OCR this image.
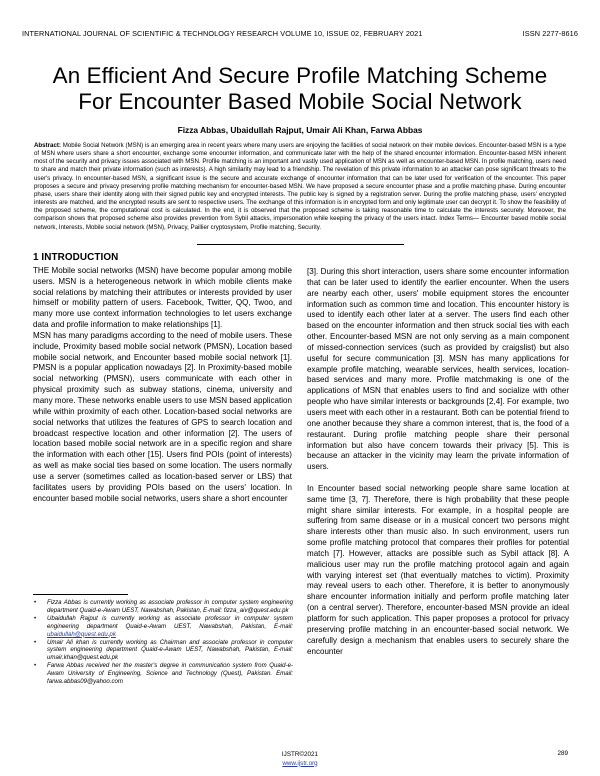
INTERNATIONAL JOURNAL OF SCIENTIFIC & TECHNOLOGY RESEARCH VOLUME 10, ISSUE 02, FEBRUARY 2021	ISSN 2277-8616
An Efficient And Secure Profile Matching Scheme
For Encounter Based Mobile Social Network
Fizza Abbas, Ubaidullah Rajput, Umair Ali Khan, Farwa Abbas
Abstract: Mobile Social Network (MSN) is an emerging area in recent years where many users are enjoying the facilities of social network on their mobile devices. Encounter-based MSN is a type of MSN where users share a short encounter, exchange some encounter information, and communicate later with the help of the shared encounter information. Encounter-based MSN inherent most of the security and privacy issues associated with MSN. Profile matching is an important and vastly used application of MSN as well as encounter-based MSN. In profile matching, users need to share and match their private information (such as interests). A high similarity may lead to a friendship. The revelation of this private information to an attacker can pose significant threats to the user's privacy. In encounter-based MSN, a significant issue is the secure and accurate exchange of encounter information that can be later used for verification of the encounter. This paper proposes a secure and privacy preserving profile matching mechanism for encounter-based MSN. We have proposed a secure encounter phase and a profile matching phase. During encounter phase, users share their identity along with their signed public key and encrypted interests. The public key is signed by a registration server. During the profile matching phase, users' encrypted interests are matched, and the encrypted results are sent to respective users. The exchange of this information is in encrypted form and only legitimate user can decrypt it. To show the feasibility of the proposed scheme, the computational cost is calculated. In the end, it is observed that the proposed scheme is taking reasonable time to calculate the interests securely. Moreover, the comparison shows that proposed scheme also provides prevention from Sybil attacks, impersonation while keeping the privacy of the users intact. Index Terms— Encounter based mobile social network, Interests, Mobile social network (MSN), Privacy, Paillier cryptosystem, Profile matching, Security.
1 INTRODUCTION

THE Mobile social networks (MSN) have become popular among mobile users. MSN is a heterogeneous network in which mobile clients make social relations by matching their attributes or interests provided by user himself or mobility pattern of users. Facebook, Twitter, QQ, Twoo, and many more use context information technologies to let users exchange data and profile information to make relationships [1].

MSN has many paradigms according to the need of mobile users. These include, Proximity based mobile social network (PMSN), Location based mobile social network, and Encounter based mobile social network [1]. PMSN is a popular application nowadays [2]. In Proximity-based mobile social networking (PMSN), users communicate with each other in physical proximity such as subway stations, cinema, university and many more. These networks enable users to use MSN based application while within proximity of each other. Location-based social networks are social networks that utilizes the features of GPS to search location and broadcast respective location and other information [2]. The users of location based mobile social network are in a specific region and share the information with each other [15]. Users find POIs (point of interests) as well as make social ties based on some location. The users normally use a server (sometimes called as location-based server or LBS) that facilitates users by providing POIs based on the users' location. In encounter based mobile social networks, users share a short encounter

[3]. During this short interaction, users share some encounter information that can be later used to identify the earlier encounter. When the users are nearby each other, users' mobile equipment stores the encounter information such as common time and location. This encounter history is used to identify each other later at a server. The users find each other based on the encounter information and then struck social ties with each other. Encounter-based MSN are not only serving as a main component of missed-connection services (such as provided by craigslist) but also useful for secure communication [3]. MSN has many applications for example profile matching, wearable services, health services, location-based services and many more. Profile matchmaking is one of the applications of MSN that enables users to find and socialize with other people who have similar interests or backgrounds [2,4]. For example, two users meet with each other in a restaurant. Both can be potential friend to one another because they share a common interest, that is, the food of a restaurant. During profile matching people share their personal information but also have concern towards their privacy [5]. This is because an attacker in the vicinity may learn the private information of users.

In Encounter based social networking people share same location at same time [3, 7]. Therefore, there is high probability that these people might share similar interests. For example, in a hospital people are suffering from same disease or in a musical concert two persons might share interests other than music also. In such environment, users run some profile matching protocol that compares their profiles for potential match [7]. However, attacks are possible such as Sybil attack [8]. A malicious user may run the profile matching protocol again and again with varying interest set (that eventually matches to victim). Proximity may reveal users to each other. Therefore, it is better to anonymously share encounter information initially and perform profile matching later (on a central server). Therefore, encounter-based MSN provide an ideal platform for such application. This paper proposes a protocol for privacy preserving profile matching in an encounter-based social network. We carefully design a mechanism that enables users to securely share the encounter

• Fizza Abbas is currently working as associate professor in computer system engineering department Quaid-e-Awam UEST, Nawabshah, Pakistan, E-mail: fizza_aiv@quest.edu.pk
• Ubaidullah Rajput is currently working as associate professor in computer system engineering department Quaid-e-Awam UEST, Nawabshah, Pakistan, E-mail: ubaidullah@quest.edu.pk
• Umair Ali khan is currently working as Chairman and associate professor in computer system engineering department Quaid-e-Awam UEST, Nawabshah, Pakistan, E-mail: umair.khan@quest.edu.pk
• Farwa Abbas received her the master's degree in communication system from Quaid-e-Awam University of Engineering, Science and Technology (Quest), Pakistan. Email: farwa.abbas09@yahoo.com
289
IJSTR©2021
www.ijstr.org
